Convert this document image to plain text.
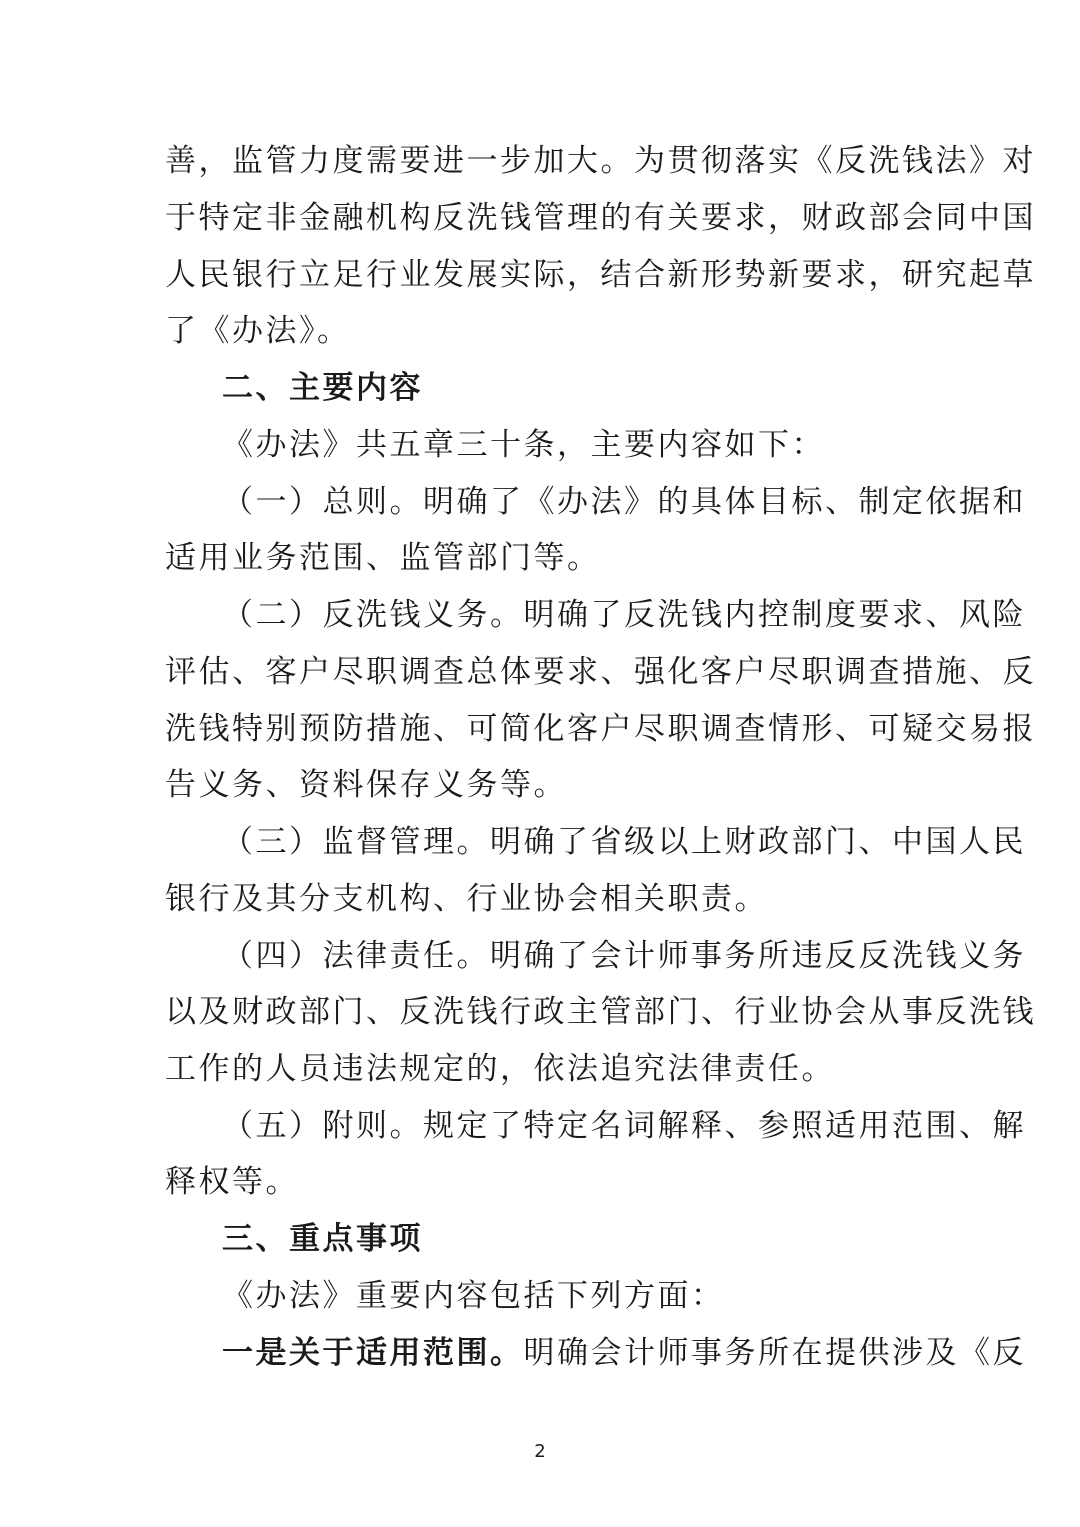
善，监管力度需要进一步加大。为贯彻落实《反洗钱法》对
于特定非金融机构反洗钱管理的有关要求，财政部会同中国
人民银行立足行业发展实际，结合新形势新要求，研究起草
了《办法》。
二、主要内容
《办法》共五章三十条，主要内容如下：
（一）总则。明确了《办法》的具体目标、制定依据和
适用业务范围、监管部门等。
（二）反洗钱义务。明确了反洗钱内控制度要求、风险
评估、客户尽职调查总体要求、强化客户尽职调查措施、反
洗钱特别预防措施、可简化客户尽职调查情形、可疑交易报
告义务、资料保存义务等。
（三）监督管理。明确了省级以上财政部门、中国人民
银行及其分支机构、行业协会相关职责。
（四）法律责任。明确了会计师事务所违反反洗钱义务
以及财政部门、反洗钱行政主管部门、行业协会从事反洗钱
工作的人员违法规定的，依法追究法律责任。
（五）附则。规定了特定名词解释、参照适用范围、解
释权等。
三、重点事项
《办法》重要内容包括下列方面：
一是关于适用范围。明确会计师事务所在提供涉及《反
2
